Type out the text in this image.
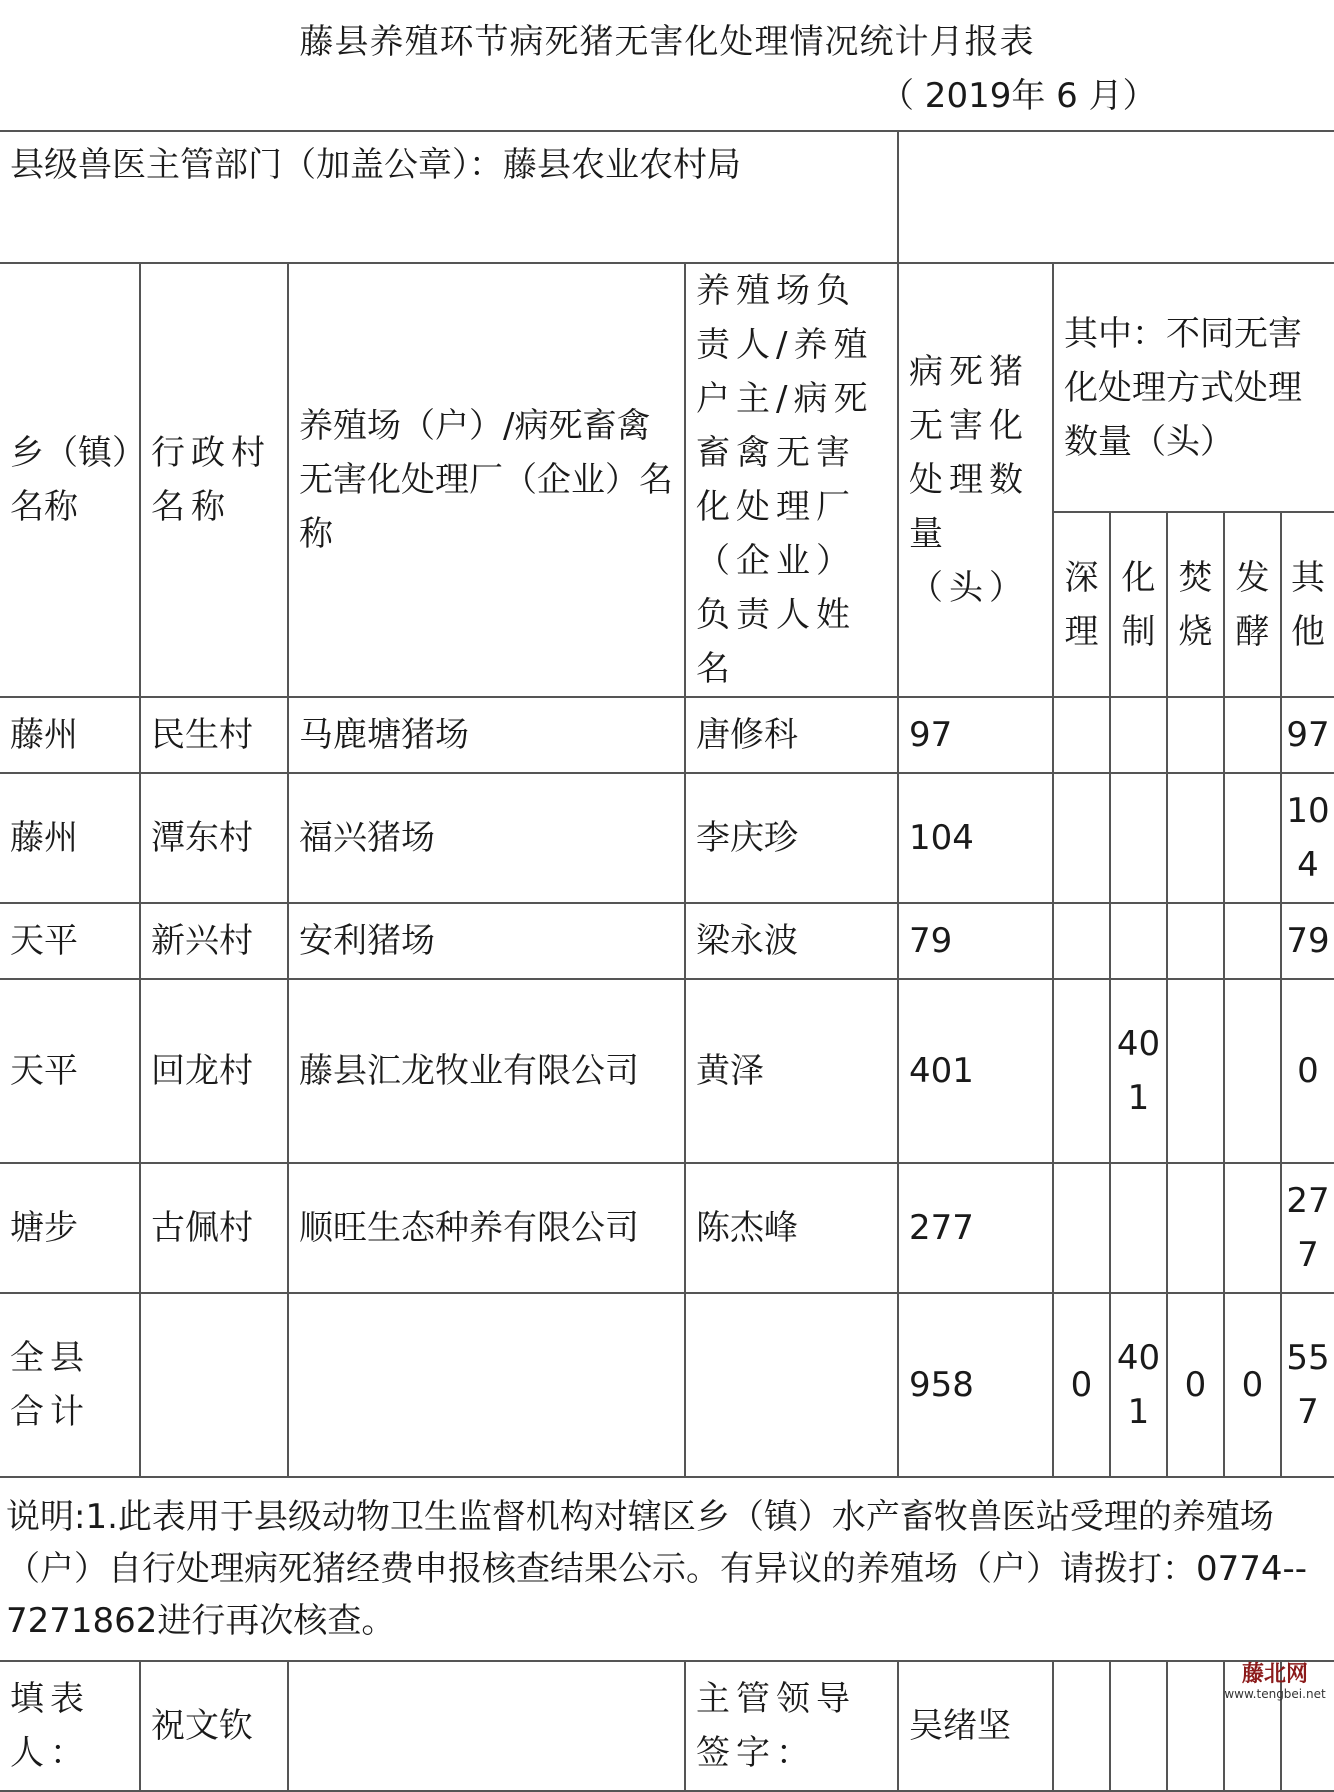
藤县养殖环节病死猪无害化处理情况统计月报表
（ 2019年 6 月）
县级兽医主管部门（加盖公章）：藤县农业农村局									
乡（镇）名称	行政村名称	养殖场（户）/病死畜禽无害化处理厂（企业）名称	养殖场负责人/养殖户主/病死畜禽无害化处理厂（企业）负责人姓名	病死猪无害化处理数量（头）	其中：不同无害化处理方式处理数量（头）				

					深理	化制	焚烧	发酵	其他

藤州	民生村	马鹿塘猪场	唐修科	97					97
藤州	潭东村	福兴猪场	李庆珍	104					104
天平	新兴村	安利猪场	梁永波	79					79
天平	回龙村	藤县汇龙牧业有限公司	黄泽	401		401			0
塘步	古佩村	顺旺生态种养有限公司	陈杰峰	277					277
全县合计				958	0	401	0	0	557
说明:1.此表用于县级动物卫生监督机构对辖区乡（镇）水产畜牧兽医站受理的养殖场（户）自行处理病死猪经费申报核查结果公示。有异议的养殖场（户）请拨打：0774--7271862进行再次核查。									
填表人：	祝文钦		主管领导签字：	吴绪坚					
藤北网
www.tengbei.net
